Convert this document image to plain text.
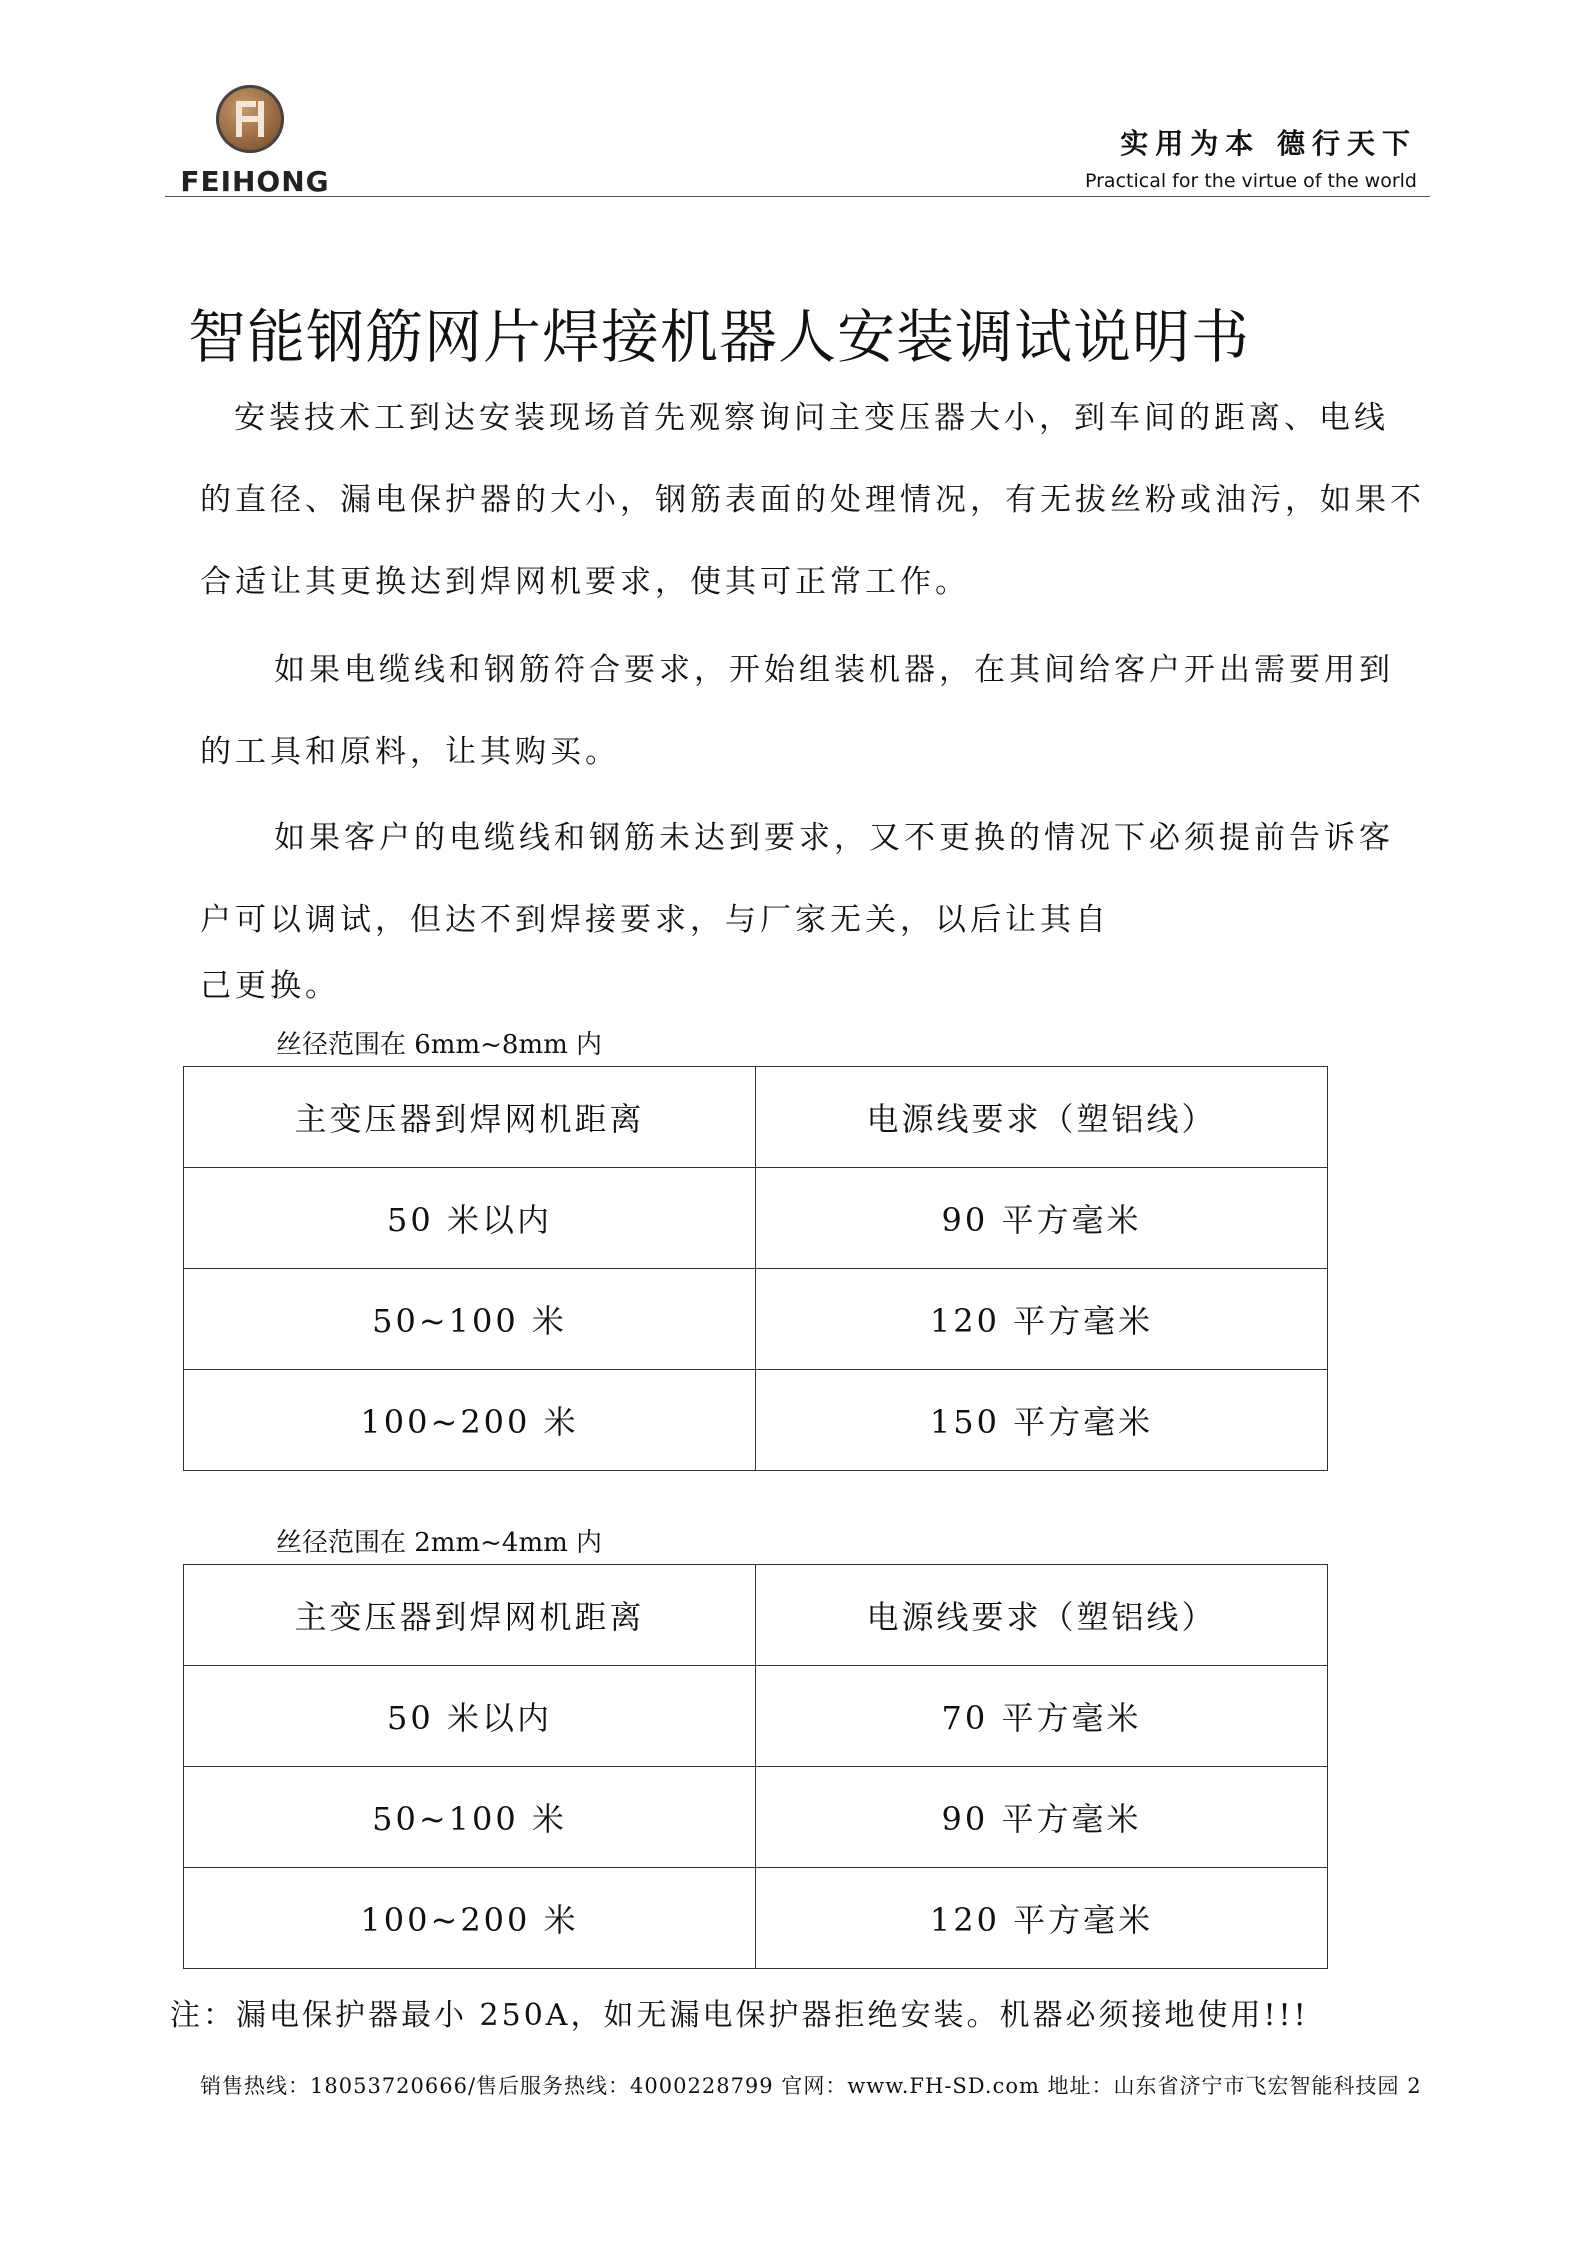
FEIHONG
实用为本 德行天下
Practical for the virtue of the world
智能钢筋网片焊接机器人安装调试说明书
安装技术工到达安装现场首先观察询问主变压器大小，到车间的距离、电线
的直径、漏电保护器的大小，钢筋表面的处理情况，有无拔丝粉或油污，如果不
合适让其更换达到焊网机要求，使其可正常工作。
如果电缆线和钢筋符合要求，开始组装机器，在其间给客户开出需要用到
的工具和原料，让其购买。
如果客户的电缆线和钢筋未达到要求，又不更换的情况下必须提前告诉客
户可以调试，但达不到焊接要求，与厂家无关，以后让其自
己更换。
丝径范围在 6mm~8mm 内
主变压器到焊网机距离	电源线要求（塑铝线）
50 米以内	90 平方毫米
50~100 米	120 平方毫米
100~200 米	150 平方毫米
丝径范围在 2mm~4mm 内
主变压器到焊网机距离	电源线要求（塑铝线）
50 米以内	70 平方毫米
50~100 米	90 平方毫米
100~200 米	120 平方毫米
注：漏电保护器最小 250A，如无漏电保护器拒绝安装。机器必须接地使用!!!
销售热线：18053720666/售后服务热线：4000228799 官网：www.FH-SD.com 地址：山东省济宁市飞宏智能科技园 2
